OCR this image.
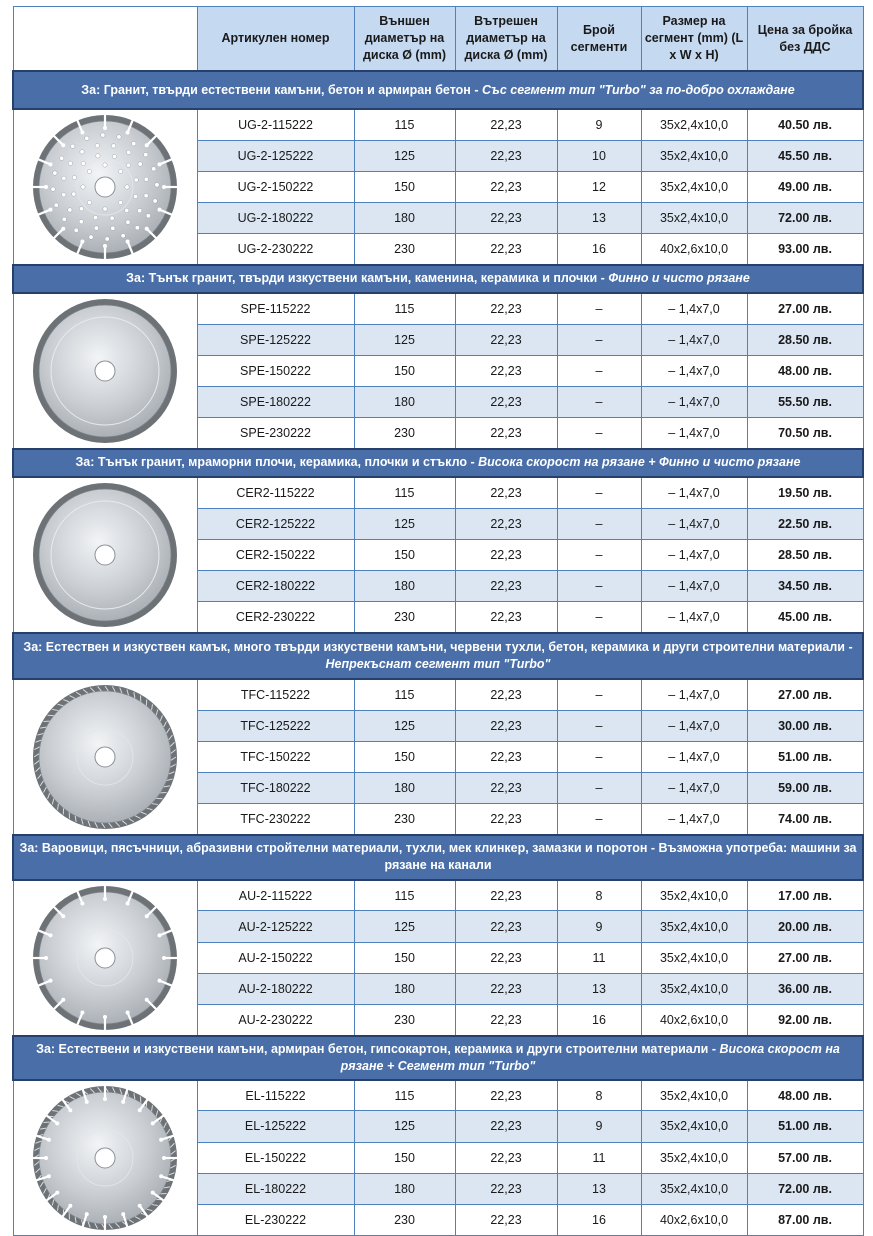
	Артикулен номер	Външен диаметър на диска Ø (mm)	Вътрешен диаметър на диска Ø (mm)	Брой сегменти	Размер на сегмент (mm) (L x W x H)	Цена за бройка без ДДС
За: Гранит, твърди естествени камъни, бетон и армиран бетон - Със сегмент тип "Turbo" за по-добро охлаждане						

	UG-2-115222	115	22,23	9	35x2,4x10,0	40.50 лв.
	UG-2-125222	125	22,23	10	35x2,4x10,0	45.50 лв.
	UG-2-150222	150	22,23	12	35x2,4x10,0	49.00 лв.
	UG-2-180222	180	22,23	13	35x2,4x10,0	72.00 лв.
	UG-2-230222	230	22,23	16	40x2,6x10,0	93.00 лв.
За: Тънък гранит, твърди изкуствени камъни, каменина, керамика и плочки - Финно и чисто рязане						

	SPE-115222	115	22,23	–	– 1,4x7,0	27.00 лв.
	SPE-125222	125	22,23	–	– 1,4x7,0	28.50 лв.
	SPE-150222	150	22,23	–	– 1,4x7,0	48.00 лв.
	SPE-180222	180	22,23	–	– 1,4x7,0	55.50 лв.
	SPE-230222	230	22,23	–	– 1,4x7,0	70.50 лв.
За: Тънък гранит, мраморни плочи, керамика, плочки и стъкло - Висока скорост на рязане + Финно и чисто рязане						

	CER2-115222	115	22,23	–	– 1,4x7,0	19.50 лв.
	CER2-125222	125	22,23	–	– 1,4x7,0	22.50 лв.
	CER2-150222	150	22,23	–	– 1,4x7,0	28.50 лв.
	CER2-180222	180	22,23	–	– 1,4x7,0	34.50 лв.
	CER2-230222	230	22,23	–	– 1,4x7,0	45.00 лв.
За: Естествен и изкуствен камък, много твърди изкуствени камъни, червени тухли, бетон, керамика и други строителни материали - Непрекъснат сегмент тип "Turbo"						

	TFC-115222	115	22,23	–	– 1,4x7,0	27.00 лв.
	TFC-125222	125	22,23	–	– 1,4x7,0	30.00 лв.
	TFC-150222	150	22,23	–	– 1,4x7,0	51.00 лв.
	TFC-180222	180	22,23	–	– 1,4x7,0	59.00 лв.
	TFC-230222	230	22,23	–	– 1,4x7,0	74.00 лв.
За: Варовици, пясъчници, абразивни стройтелни материали, тухли, мек клинкер, замазки и поротон - Възможна употреба: машини за рязане на канали						

	AU-2-115222	115	22,23	8	35x2,4x10,0	17.00 лв.
	AU-2-125222	125	22,23	9	35x2,4x10,0	20.00 лв.
	AU-2-150222	150	22,23	11	35x2,4x10,0	27.00 лв.
	AU-2-180222	180	22,23	13	35x2,4x10,0	36.00 лв.
	AU-2-230222	230	22,23	16	40x2,6x10,0	92.00 лв.
За: Естествени и изкуствени камъни, армиран бетон, гипсокартон, керамика и други строителни материали - Висока скорост на рязане + Сегмент тип "Turbo"						

	EL-115222	115	22,23	8	35x2,4x10,0	48.00 лв.
	EL-125222	125	22,23	9	35x2,4x10,0	51.00 лв.
	EL-150222	150	22,23	11	35x2,4x10,0	57.00 лв.
	EL-180222	180	22,23	13	35x2,4x10,0	72.00 лв.
	EL-230222	230	22,23	16	40x2,6x10,0	87.00 лв.
